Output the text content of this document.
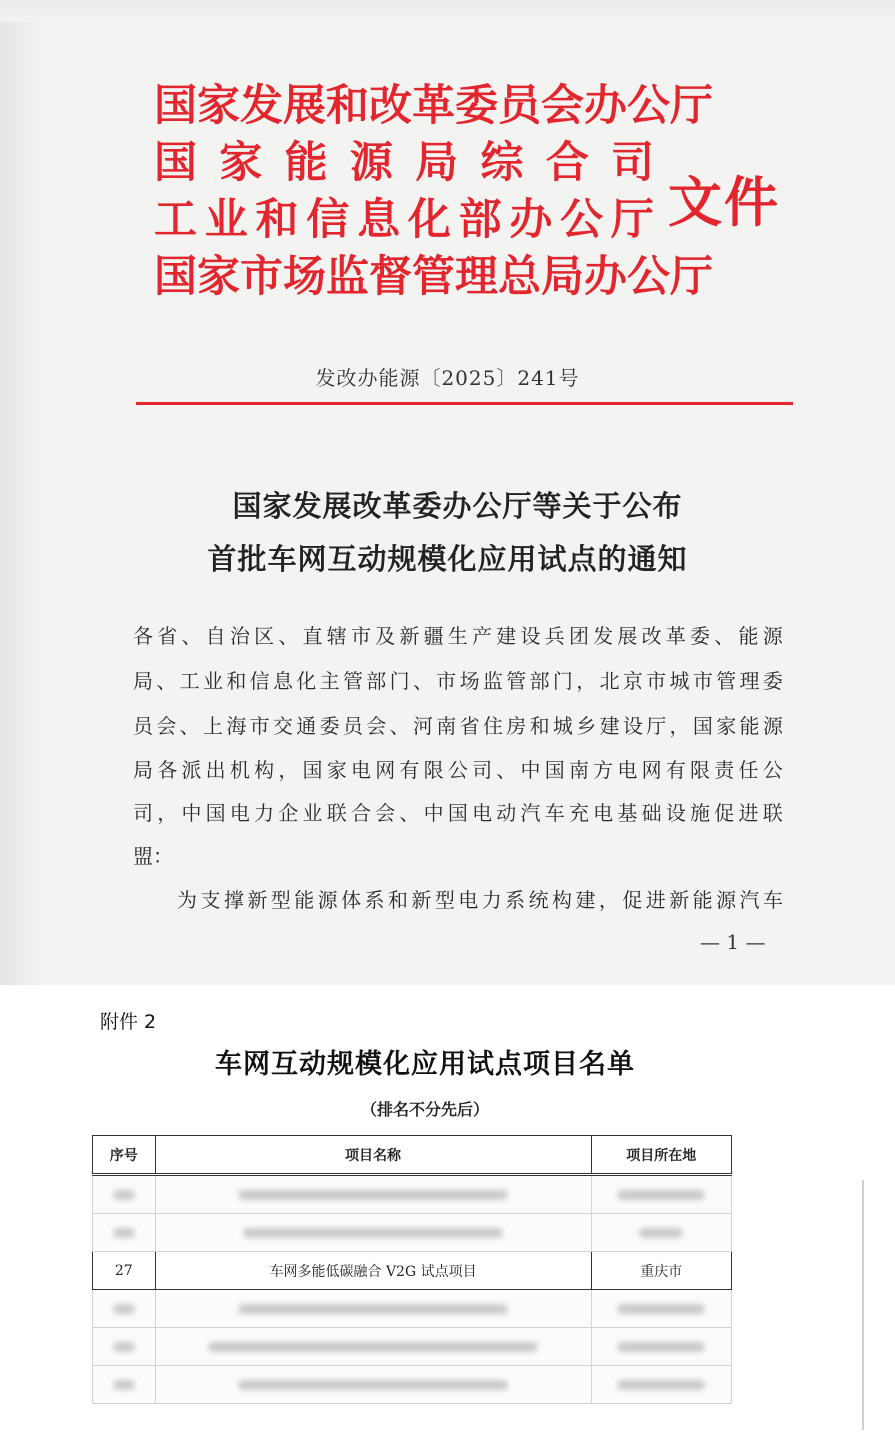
国 家 发 展 和 改 革 委 员 会 办 公 厅
国 家 能 源 局 综 合 司
工 业 和 信 息 化 部 办 公 厅
国 家 市 场 监 督 管 理 总 局 办 公 厅
文件
发改办能源〔2025〕241号
国家发展改革委办公厅等关于公布
首批车网互动规模化应用试点的通知
各 省 、 自 治 区 、 直 辖 市 及 新 疆 生 产 建 设 兵 团 发 展 改 革 委 、 能 源
局 、 工 业 和 信 息 化 主 管 部 门 、 市 场 监 管 部 门 ， 北 京 市 城 市 管 理 委
员 会 、 上 海 市 交 通 委 员 会 、 河 南 省 住 房 和 城 乡 建 设 厅 ， 国 家 能 源
局 各 派 出 机 构 ， 国 家 电 网 有 限 公 司 、 中 国 南 方 电 网 有 限 责 任 公
司 ， 中 国 电 力 企 业 联 合 会 、 中 国 电 动 汽 车 充 电 基 础 设 施 促 进 联
盟：
为 支 撑 新 型 能 源 体 系 和 新 型 电 力 系 统 构 建 ， 促 进 新 能 源 汽 车
— 1 —
附件 2
车网互动规模化应用试点项目名单
（排名不分先后）
序号	项目名称	项目所在地

27	车网多能低碳融合 V2G 试点项目	重庆市
